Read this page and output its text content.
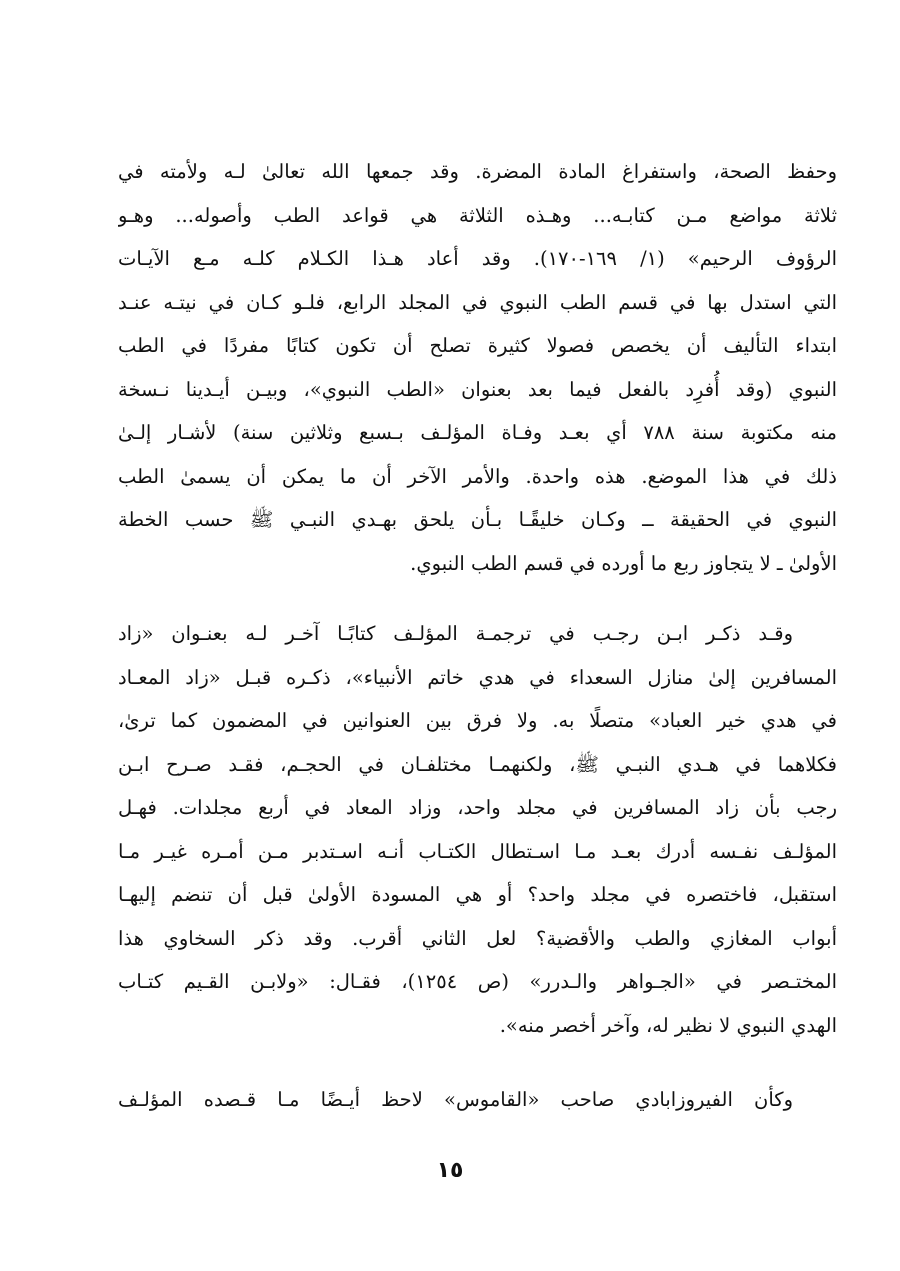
وحفظ الصحة، واستفراغ المادة المضرة. وقد جمعها الله تعالىٰ لـه ولأمته في
ثلاثة مواضع مـن كتابـه... وهـذه الثلاثة هي قواعد الطب وأصوله... وهـو
الرؤوف الرحيم» (١/ ١٦٩-١٧٠). وقد أعاد هـذا الكـلام كلـه مـع الآيـات
التي استدل بها في قسم الطب النبوي في المجلد الرابع، فلـو كـان في نيتـه عنـد
ابتداء التأليف أن يخصص فصولا كثيرة تصلح أن تكون كتابًا مفردًا في الطب
النبوي (وقد أُفرِد بالفعل فيما بعد بعنوان «الطب النبوي»، وبيـن أيـدينا نـسخة
منه مكتوبة سنة ٧٨٨ أي بعـد وفـاة المؤلـف بـسبع وثلاثين سنة) لأشـار إلـىٰ
ذلك في هذا الموضع. هذه واحدة. والأمر الآخر أن ما يمكن أن يسمىٰ الطب
النبوي في الحقيقة ــ وكـان خليقًـا بـأن يلحق بهـدي النبـي ﷺ حسب الخطة
الأولىٰ ـ لا يتجاوز ربع ما أورده في قسم الطب النبوي.
وقـد ذكـر ابـن رجـب في ترجمـة المؤلـف كتابًـا آخـر لـه بعنـوان «زاد
المسافرين إلىٰ منازل السعداء في هدي خاتم الأنبياء»، ذكـره قبـل «زاد المعـاد
في هدي خير العباد» متصلًا به. ولا فرق بين العنوانين في المضمون كما ترىٰ،
فكلاهما في هـدي النبـي ﷺ، ولكنهمـا مختلفـان في الحجـم، فقـد صـرح ابـن
رجب بأن زاد المسافرين في مجلد واحد، وزاد المعاد في أربع مجلدات. فهـل
المؤلـف نفـسه أدرك بعـد مـا اسـتطال الكتـاب أنـه اسـتدبر مـن أمـره غيـر مـا
استقبل، فاختصره في مجلد واحد؟ أو هي المسودة الأولىٰ قبل أن تنضم إليهـا
أبواب المغازي والطب والأقضية؟ لعل الثاني أقرب. وقد ذكر السخاوي هذا
المختـصر في «الجـواهر والـدرر» (ص ١٢٥٤)، فقـال: «ولابـن القـيم كتـاب
الهدي النبوي لا نظير له، وآخر أخصر منه».
وكأن الفيروزابادي صاحب «القاموس» لاحظ أيـضًا مـا قـصده المؤلـف
١٥
